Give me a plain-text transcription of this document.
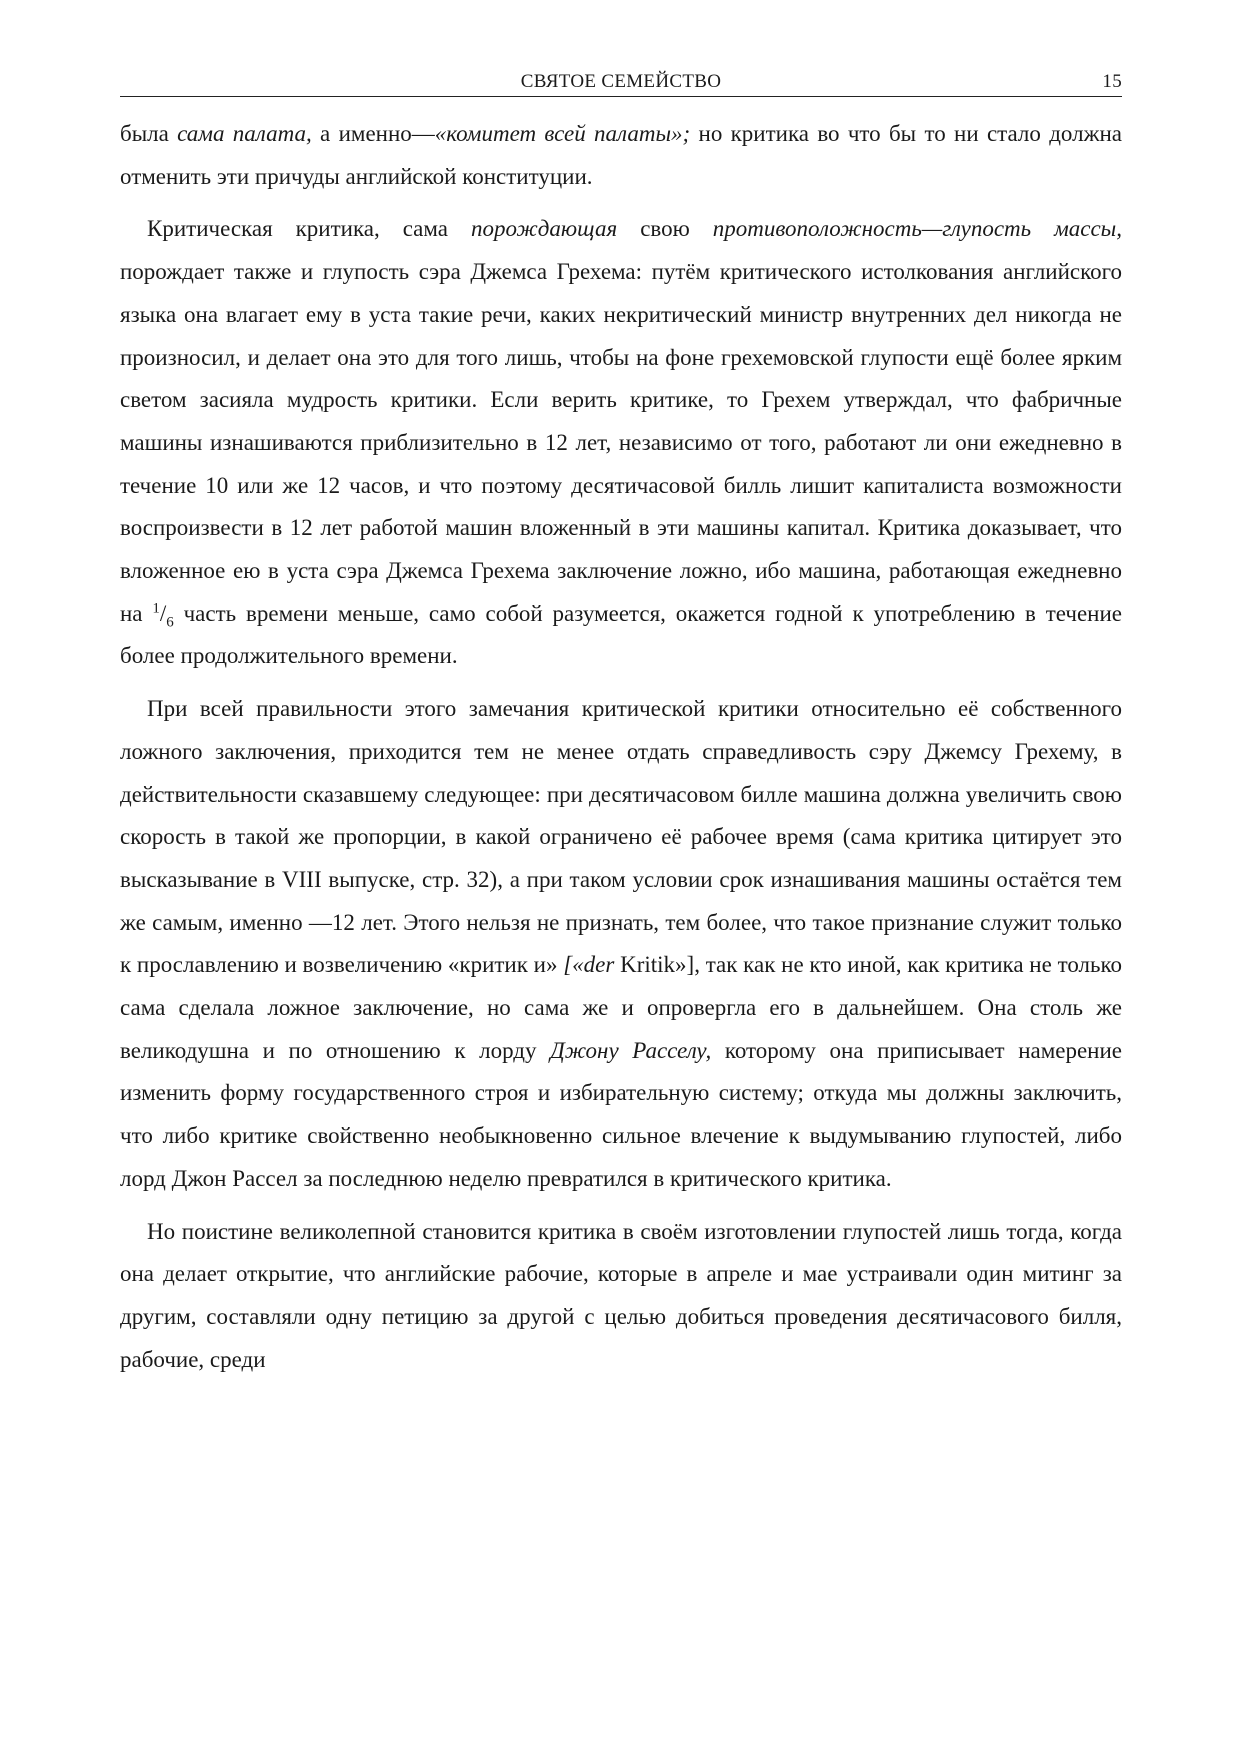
СВЯТОЕ СЕМЕЙСТВО	15

была сама палата, а именно—«комитет всей палаты»; но критика во что бы то ни стало должна отменить эти причуды английской конституции.

Критическая критика, сама порождающая свою противоположность—глупость массы, порождает также и глупость сэра Джемса Грехема: путём критического истолкования английского языка она влагает ему в уста такие речи, каких некритический министр внутренних дел никогда не произносил, и делает она это для того лишь, чтобы на фоне грехемовской глупости ещё более ярким светом засияла мудрость критики. Если верить критике, то Грехем утверждал, что фабричные машины изнашиваются приблизительно в 12 лет, независимо от того, работают ли они ежедневно в течение 10 или же 12 часов, и что поэтому десятичасовой билль лишит капиталиста возможности воспроизвести в 12 лет работой машин вложенный в эти машины капитал. Критика доказывает, что вложенное ею в уста сэра Джемса Грехема заключение ложно, ибо машина, работающая ежедневно на $^1/_6$ часть времени меньше, само собой разумеется, окажется годной к употреблению в течение более продолжительного времени.

При всей правильности этого замечания критической критики относительно её собственного ложного заключения, приходится тем не менее отдать справедливость сэру Джемсу Грехему, в действительности сказавшему следующее: при десятичасовом билле машина должна увеличить свою скорость в такой же пропорции, в какой ограничено её рабочее время (сама критика цитирует это высказывание в VIII выпуске, стр. 32), а при таком условии срок изнашивания машины остаётся тем же самым, именно —12 лет. Этого нельзя не признать, тем более, что такое признание служит только к прославлению и возвеличению «критик и» [«der Kritik»], так как не кто иной, как критика не только сама сделала ложное заключение, но сама же и опровергла его в дальнейшем. Она столь же великодушна и по отношению к лорду Джону Расселу, которому она приписывает намерение изменить форму государственного строя и избирательную систему; откуда мы должны заключить, что либо критике свойственно необыкновенно сильное влечение к выдумыванию глупостей, либо лорд Джон Рассел за последнюю неделю превратился в критического критика.

Но поистине великолепной становится критика в своём изготовлении глупостей лишь тогда, когда она делает открытие, что английские рабочие, которые в апреле и мае устраивали один митинг за другим, составляли одну петицию за другой с целью добиться проведения десятичасового билля, рабочие, среди
